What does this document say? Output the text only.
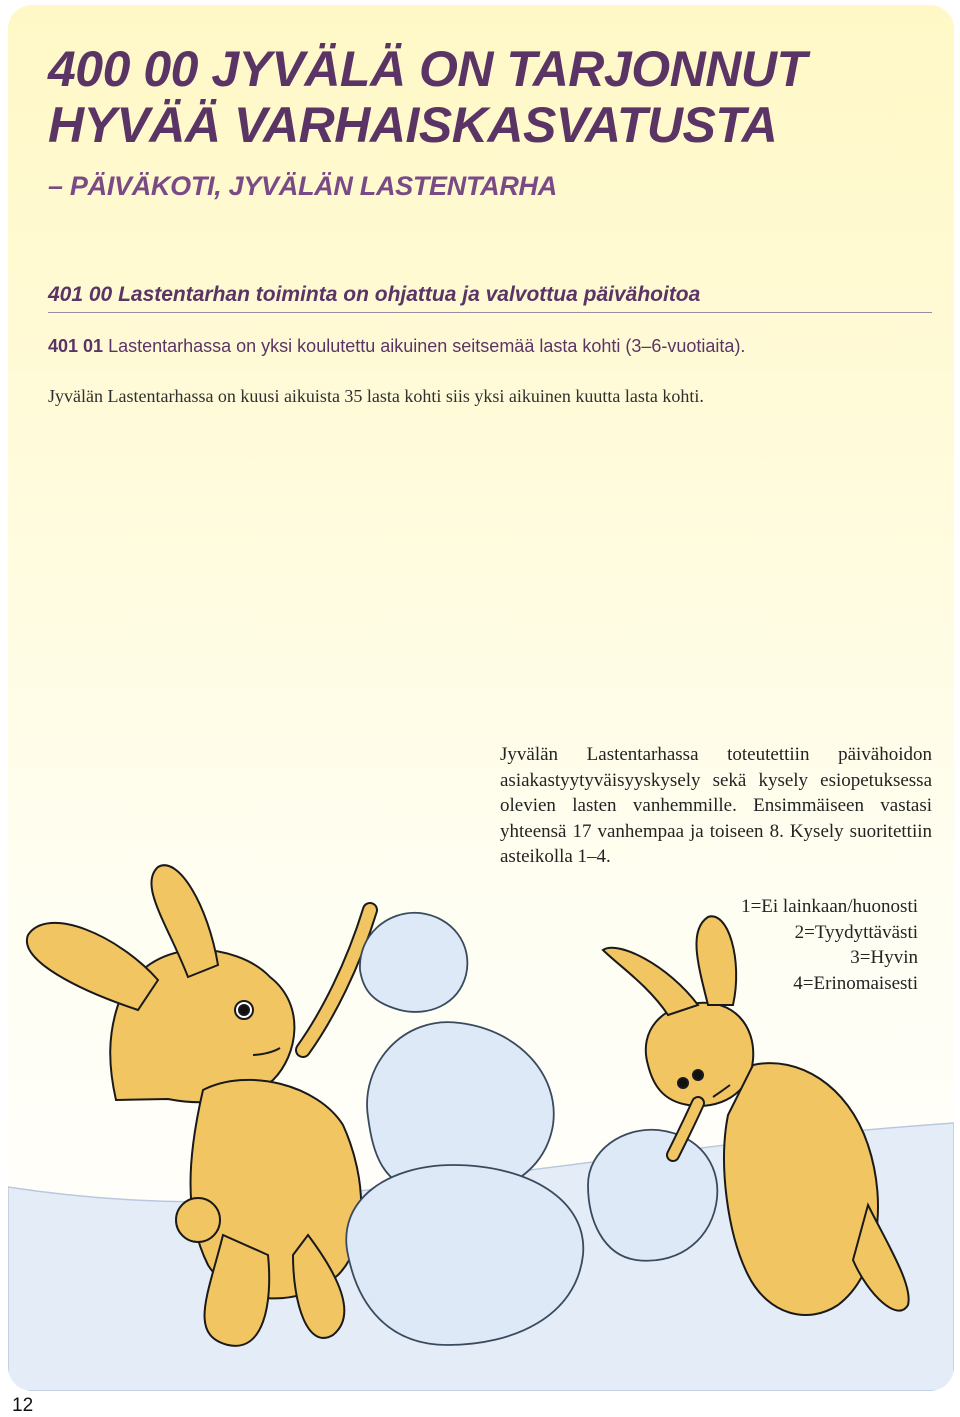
400 00 JYVÄLÄ ON TARJONNUT
HYVÄÄ VARHAISKASVATUSTA
– PÄIVÄKOTI, JYVÄLÄN LASTENTARHA
401 00 Lastentarhan toiminta on ohjattua ja valvottua päivähoitoa

401 01 Lastentarhassa on yksi koulutettu aikuinen seitsemää lasta kohti (3–6-vuotiaita).

Jyvälän Lastentarhassa on kuusi aikuista 35 lasta kohti siis yksi aikuinen kuutta lasta kohti.

Jyvälän Lastentarhassa toteutettiin päivähoidon asiakastyytyväisyyskysely sekä kysely esiopetuksessa olevien lasten vanhemmille. Ensimmäiseen vastasi yhteensä 17 vanhempaa ja toiseen 8. Kysely suoritettiin asteikolla 1–4.

1=Ei lainkaan/huonosti
2=Tyydyttävästi
3=Hyvin
4=Erinomaisesti

12
